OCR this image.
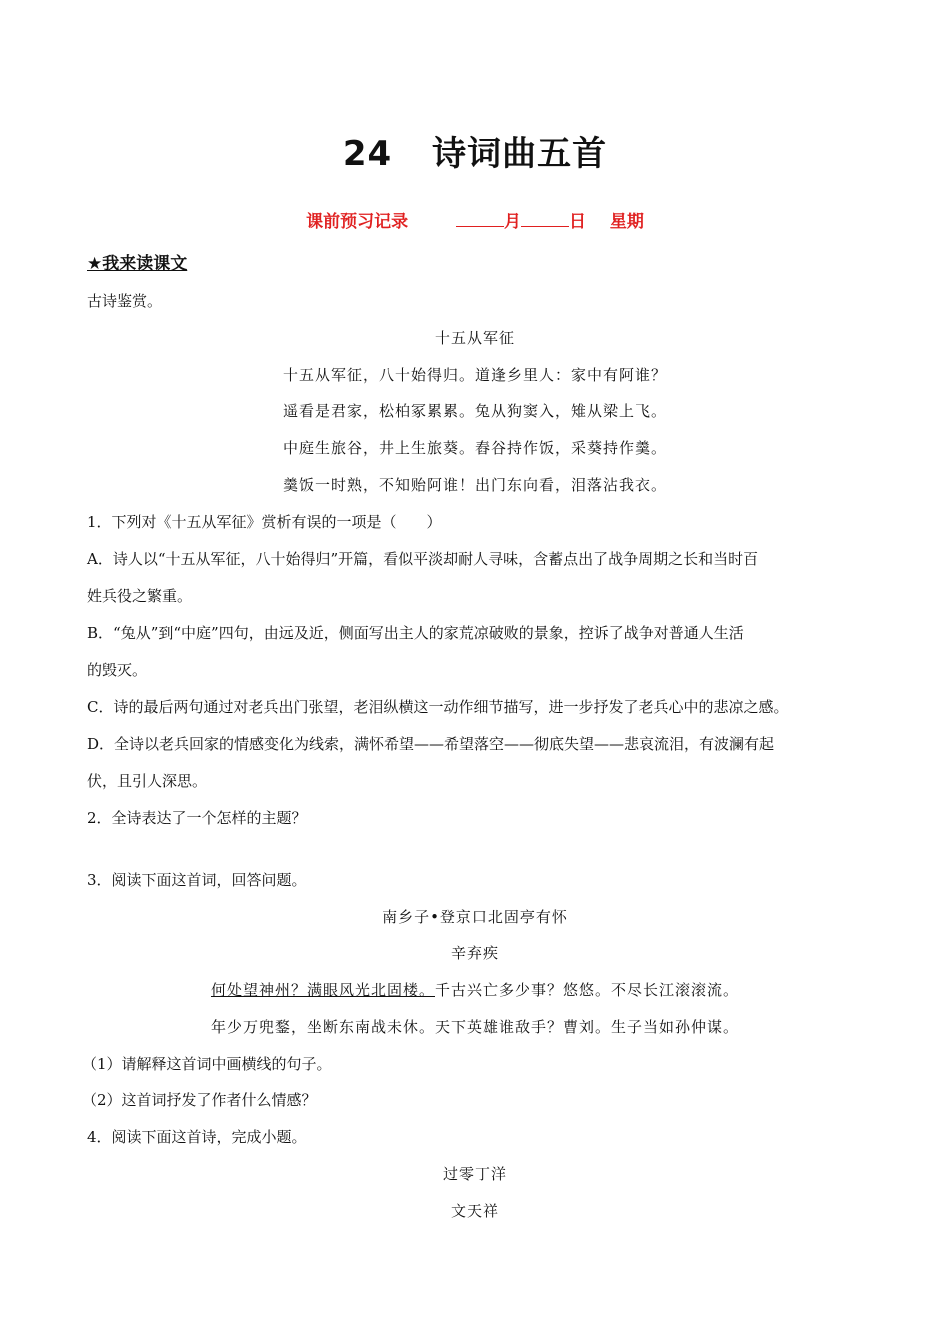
24 诗词曲五首
课前预习记录	月	日 星期
★我来读课文
古诗鉴赏。
十五从军征
十五从军征，八十始得归。道逢乡里人：家中有阿谁？
遥看是君家，松柏冢累累。兔从狗窦入，雉从梁上飞。
中庭生旅谷，井上生旅葵。舂谷持作饭，采葵持作羹。
羹饭一时熟，不知贻阿谁！出门东向看，泪落沾我衣。
1．下列对《十五从军征》赏析有误的一项是（　　）
A．诗人以“十五从军征，八十始得归”开篇，看似平淡却耐人寻味，含蓄点出了战争周期之长和当时百
姓兵役之繁重。
B．“兔从”到“中庭”四句，由远及近，侧面写出主人的家荒凉破败的景象，控诉了战争对普通人生活
的毁灭。
C．诗的最后两句通过对老兵出门张望，老泪纵横这一动作细节描写，进一步抒发了老兵心中的悲凉之感。
D．全诗以老兵回家的情感变化为线索，满怀希望——希望落空——彻底失望——悲哀流泪，有波澜有起
伏，且引人深思。
2．全诗表达了一个怎样的主题？
3．阅读下面这首词，回答问题。
南乡子•登京口北固亭有怀
辛弃疾
何处望神州？满眼风光北固楼。千古兴亡多少事？悠悠。不尽长江滚滚流。
年少万兜鍪，坐断东南战未休。天下英雄谁敌手？曹刘。生子当如孙仲谋。
（1）请解释这首词中画横线的句子。
（2）这首词抒发了作者什么情感？
4．阅读下面这首诗，完成小题。
过零丁洋
文天祥
